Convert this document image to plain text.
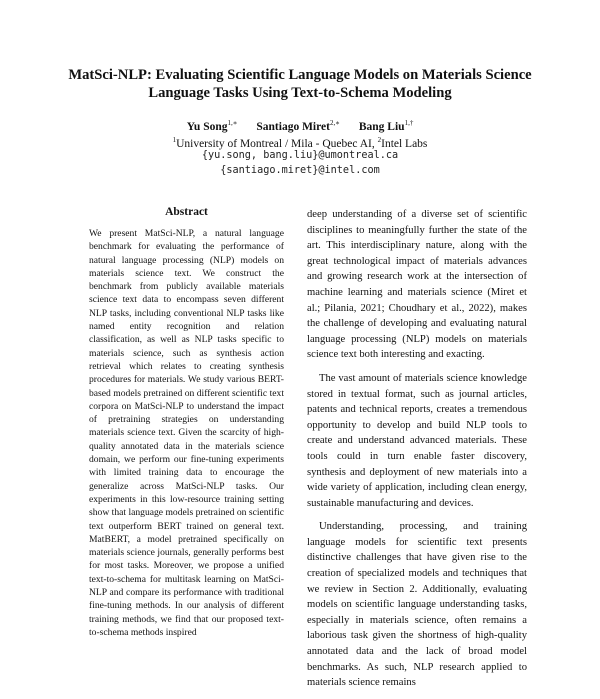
MatSci-NLP: Evaluating Scientific Language Models on Materials Science
Language Tasks Using Text-to-Schema Modeling
Yu Song$^{1,∗}$ Santiago Miret$^{2,∗}$ Bang Liu$^{1,\dagger}$
$^1$University of Montreal / Mila - Quebec AI, $^2$Intel Labs
{yu.song, bang.liu}@umontreal.ca
{santiago.miret}@intel.com
Abstract
We present MatSci-NLP, a natural language benchmark for evaluating the performance of natural language processing (NLP) models on materials science text. We construct the benchmark from publicly available materials science text data to encompass seven different NLP tasks, including conventional NLP tasks like named entity recognition and relation classification, as well as NLP tasks specific to materials science, such as synthesis action retrieval which relates to creating synthesis procedures for materials. We study various BERT-based models pretrained on different scientific text corpora on MatSci-NLP to understand the impact of pretraining strategies on understanding materials science text. Given the scarcity of high-quality annotated data in the materials science domain, we perform our fine-tuning experiments with limited training data to encourage the generalize across MatSci-NLP tasks. Our experiments in this low-resource training setting show that language models pretrained on scientific text outperform BERT trained on general text. MatBERT, a model pretrained specifically on materials science journals, generally performs best for most tasks. Moreover, we propose a unified text-to-schema for multitask learning on MatSci-NLP and compare its performance with traditional fine-tuning methods. In our analysis of different training methods, we find that our proposed text-to-schema methods inspired

deep understanding of a diverse set of scientific disciplines to meaningfully further the state of the art. This interdisciplinary nature, along with the great technological impact of materials advances and growing research work at the intersection of machine learning and materials science (Miret et al.; Pilania, 2021; Choudhary et al., 2022), makes the challenge of developing and evaluating natural language processing (NLP) models on materials science text both interesting and exacting.

The vast amount of materials science knowledge stored in textual format, such as journal articles, patents and technical reports, creates a tremendous opportunity to develop and build NLP tools to create and understand advanced materials. These tools could in turn enable faster discovery, synthesis and deployment of new materials into a wide variety of application, including clean energy, sustainable manufacturing and devices.

Understanding, processing, and training language models for scientific text presents distinctive challenges that have given rise to the creation of specialized models and techniques that we review in Section 2. Additionally, evaluating models on scientific language understanding tasks, especially in materials science, often remains a laborious task given the shortness of high-quality annotated data and the lack of broad model benchmarks. As such, NLP research applied to materials science remains
